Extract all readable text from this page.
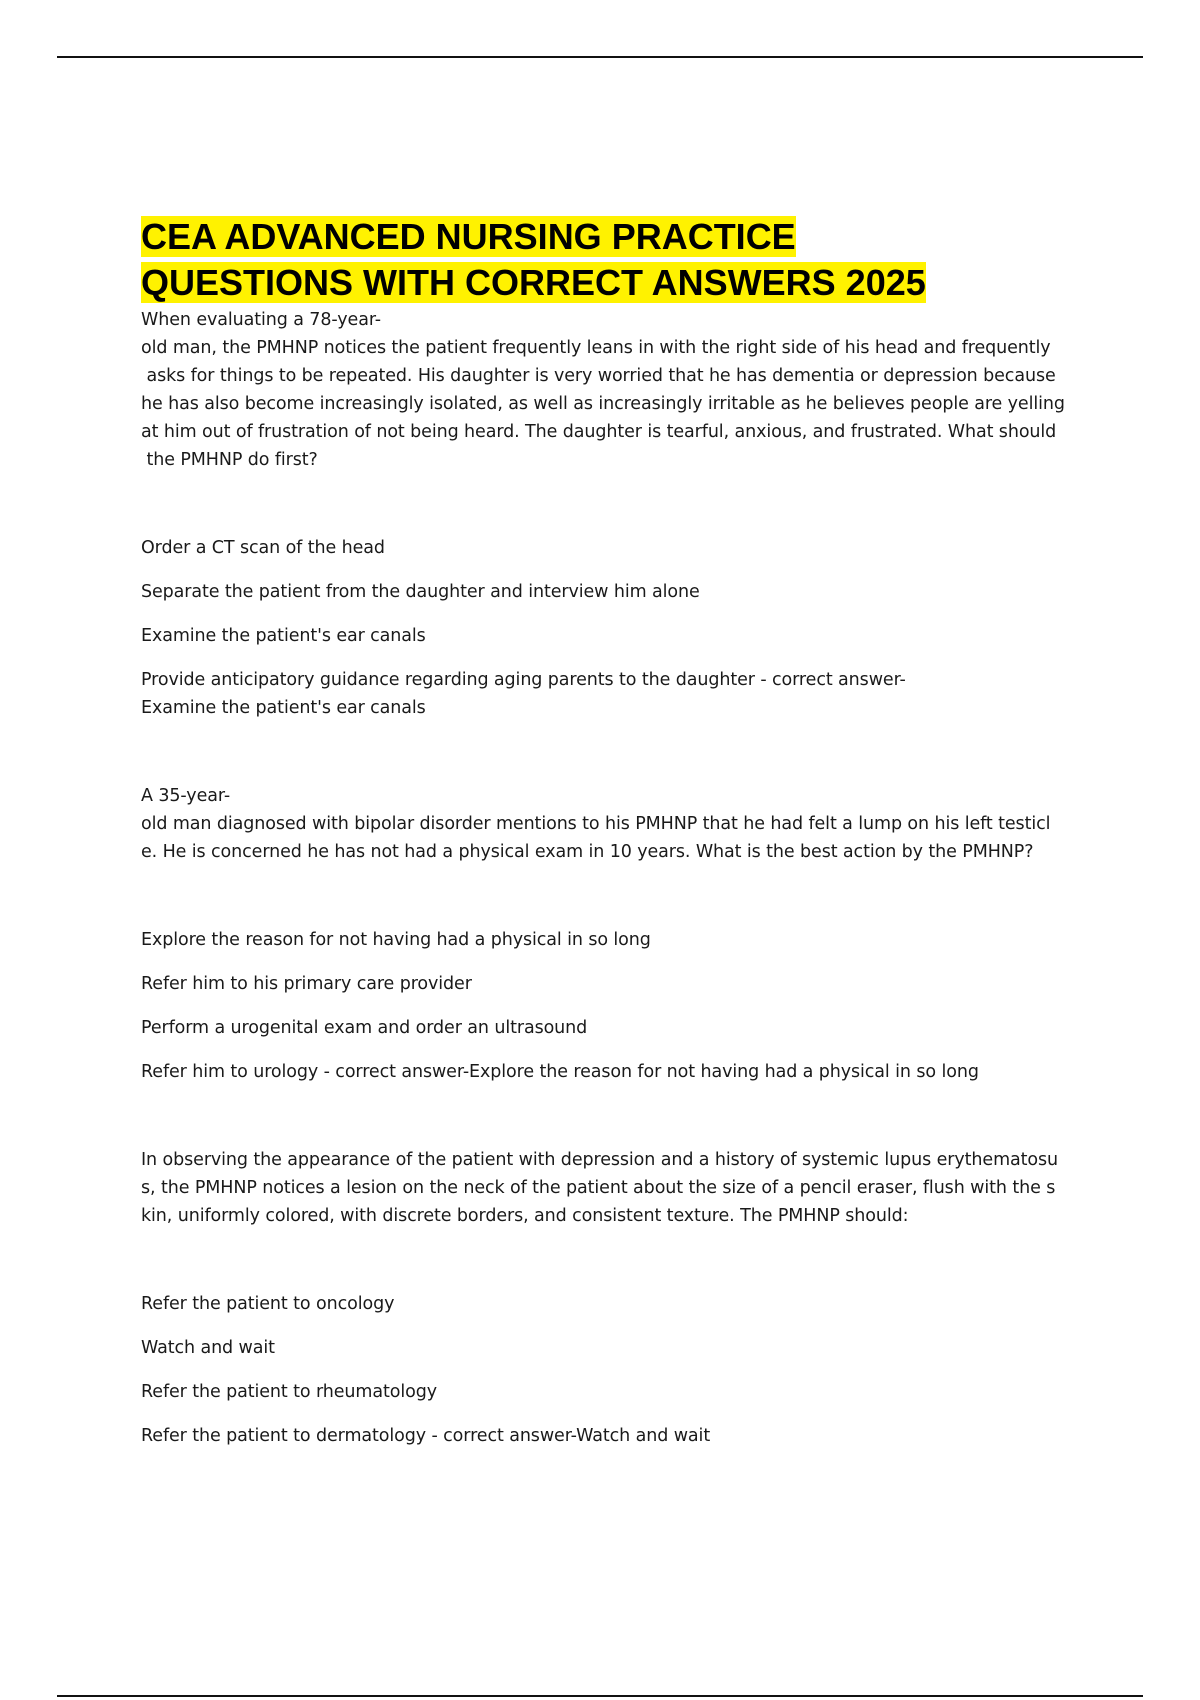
CEA ADVANCED NURSING PRACTICE
QUESTIONS WITH CORRECT ANSWERS 2025

When evaluating a 78-year-

old man, the PMHNP notices the patient frequently leans in with the right side of his head and frequently

asks for things to be repeated. His daughter is very worried that he has dementia or depression because

he has also become increasingly isolated, as well as increasingly irritable as he believes people are yelling

at him out of frustration of not being heard. The daughter is tearful, anxious, and frustrated. What should

the PMHNP do first?

Order a CT scan of the head

Separate the patient from the daughter and interview him alone

Examine the patient's ear canals

Provide anticipatory guidance regarding aging parents to the daughter - correct answer-

Examine the patient's ear canals

A 35-year-

old man diagnosed with bipolar disorder mentions to his PMHNP that he had felt a lump on his left testicl

e. He is concerned he has not had a physical exam in 10 years. What is the best action by the PMHNP?

Explore the reason for not having had a physical in so long

Refer him to his primary care provider

Perform a urogenital exam and order an ultrasound

Refer him to urology - correct answer-Explore the reason for not having had a physical in so long

In observing the appearance of the patient with depression and a history of systemic lupus erythematosu

s, the PMHNP notices a lesion on the neck of the patient about the size of a pencil eraser, flush with the s

kin, uniformly colored, with discrete borders, and consistent texture. The PMHNP should:

Refer the patient to oncology

Watch and wait

Refer the patient to rheumatology

Refer the patient to dermatology - correct answer-Watch and wait
